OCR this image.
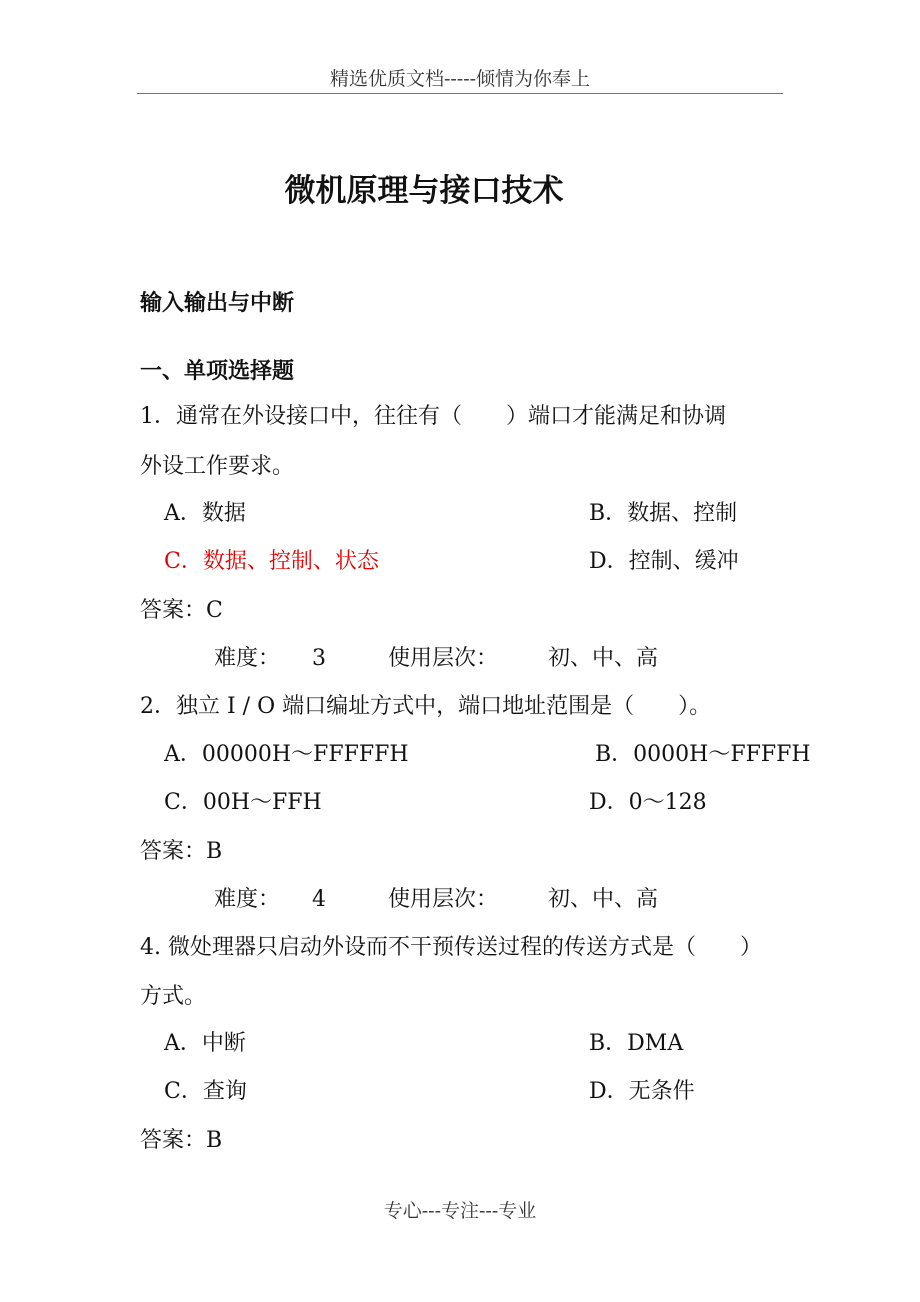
精选优质文档-----倾情为你奉上
微机原理与接口技术
输入输出与中断
一、单项选择题
1．通常在外设接口中，往往有（　　）端口才能满足和协调
外设工作要求。
A．数据	B．数据、控制
C．数据、控制、状态	D．控制、缓冲
答案：C
难度： 3	使用层次： 初、中、高
2．独立 I / O 端口编址方式中，端口地址范围是（　　）。
A．00000H～FFFFFH	B．0000H～FFFFH
C．00H～FFH	D．0～128
答案：B
难度： 4	使用层次： 初、中、高
4. 微处理器只启动外设而不干预传送过程的传送方式是（　　）
方式。
A．中断	B．DMA
C．查询	D．无条件
答案：B
专心---专注---专业
